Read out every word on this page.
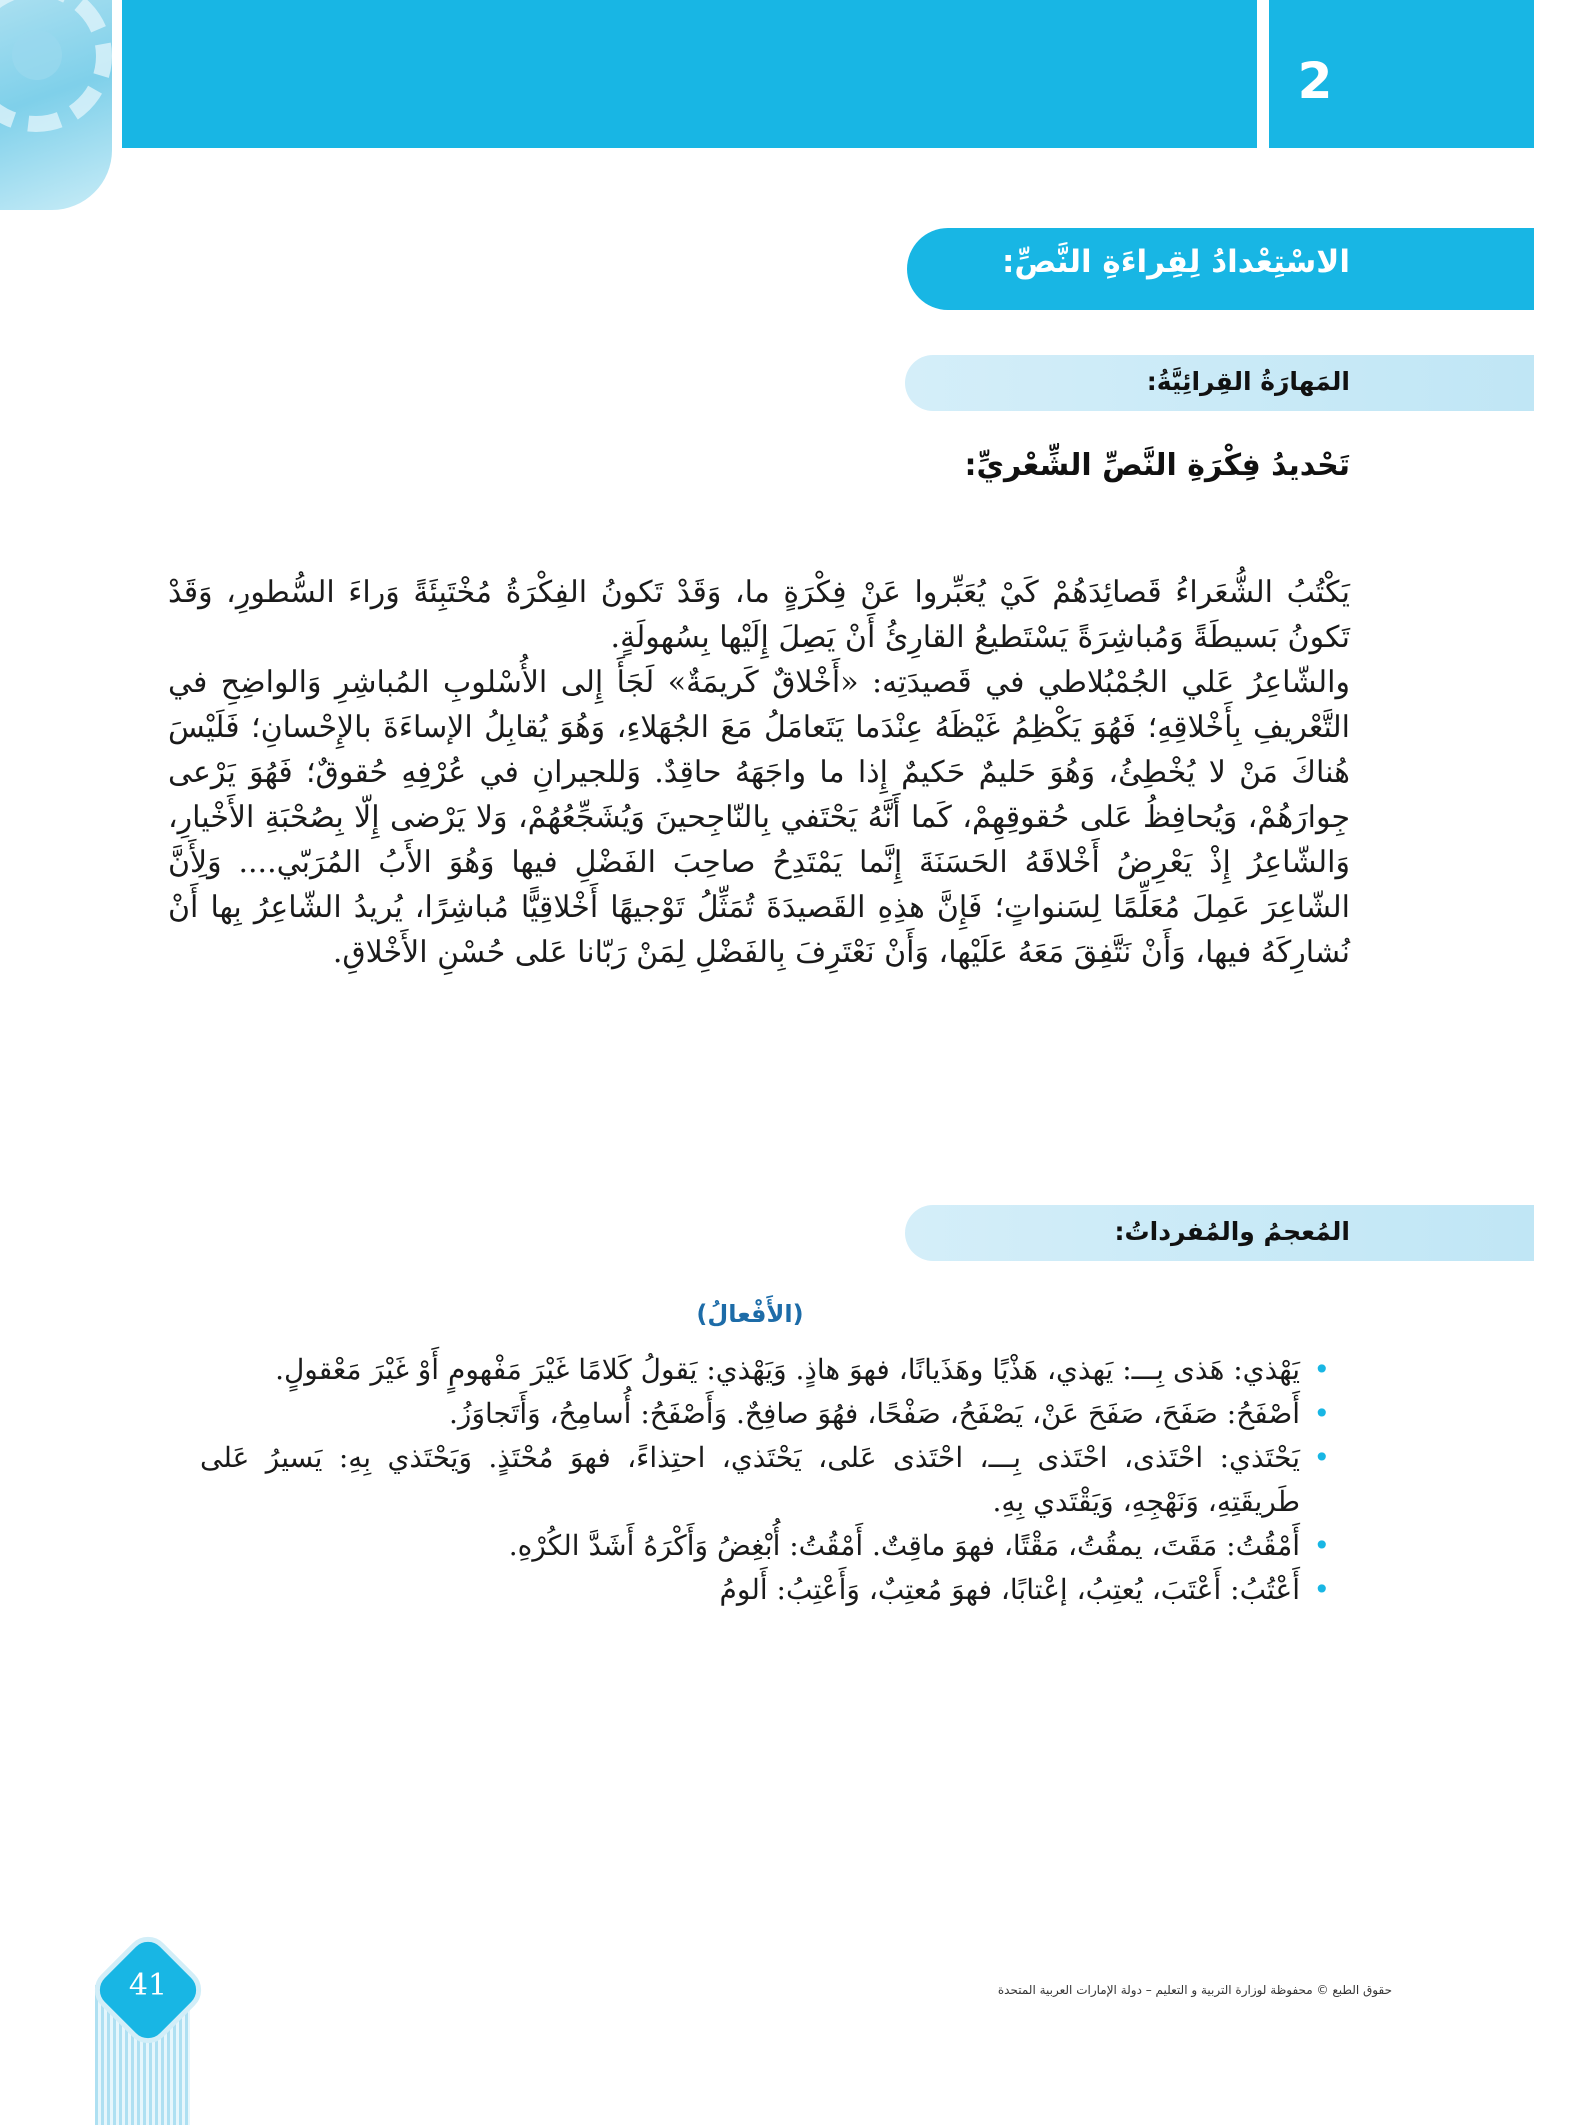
2
الاسْتِعْدادُ لِقِراءَةِ النَّصِّ:
المَهارَةُ القِرائِيَّةُ:
تَحْديدُ فِكْرَةِ النَّصِّ الشِّعْريِّ:

يَكْتُبُ الشُّعَراءُ قَصائِدَهُمْ كَيْ يُعَبِّروا عَنْ فِكْرَةٍ ما، وَقَدْ تَكونُ الفِكْرَةُ مُخْتَبِئَةً وَراءَ السُّطورِ، وَقَدْ تَكونُ بَسيطَةً وَمُباشِرَةً يَسْتَطيعُ القارِئُ أَنْ يَصِلَ إِلَيْها بِسُهولَةٍ.

والشّاعِرُ عَلي الجُمْبُلاطي في قَصيدَتِه: «أَخْلاقٌ كَريمَةٌ» لَجَأَ إِلى الأُسْلوبِ المُباشِرِ وَالواضِحِ في التَّعْريفِ بِأَخْلاقِهِ؛ فَهُوَ يَكْظِمُ غَيْظَهُ عِنْدَما يَتَعامَلُ مَعَ الجُهَلاءِ، وَهُوَ يُقابِلُ الإساءَةَ بالإِحْسانِ؛ فَلَيْسَ هُناكَ مَنْ لا يُخْطِئُ، وَهُوَ حَليمٌ حَكيمٌ إِذا ما واجَهَهُ حاقِدٌ. وَللجيرانِ في عُرْفِهِ حُقوقٌ؛ فَهُوَ يَرْعى جِوارَهُمْ، وَيُحافِظُ عَلى حُقوقِهِمْ، كَما أَنَّهُ يَحْتَفي بِالنّاجِحينَ وَيُشَجِّعُهُمْ، وَلا يَرْضى إِلّا بِصُحْبَةِ الأَخْيارِ، وَالشّاعِرُ إِذْ يَعْرِضُ أَخْلاقَهُ الحَسَنَةَ إِنَّما يَمْتَدِحُ صاحِبَ الفَضْلِ فيها وَهُوَ الأَبُ المُرَبّي.... وَلِأَنَّ الشّاعِرَ عَمِلَ مُعَلِّمًا لِسَنواتٍ؛ فَإِنَّ هذِهِ القَصيدَةَ تُمَثِّلُ تَوْجيهًا أَخْلاقِيًّا مُباشِرًا، يُريدُ الشّاعِرُ بِها أَنْ نُشارِكَهُ فيها، وَأَنْ نَتَّفِقَ مَعَهُ عَلَيْها، وَأَنْ نَعْتَرِفَ بِالفَضْلِ لِمَنْ رَبّانا عَلى حُسْنِ الأَخْلاقِ.

المُعجمُ والمُفرداتُ:
(الأَفْعالُ)
•
يَهْذي: هَذى بِـــ: يَهذي، هَذْيًا وهَذَيانًا، فهوَ هاذٍ. وَيَهْذي: يَقولُ كَلامًا غَيْرَ مَفْهومٍ أَوْ غَيْرَ مَعْقولٍ.
•
أَصْفَحُ: صَفَحَ، صَفَحَ عَنْ، يَصْفَحُ، صَفْحًا، فهُوَ صافِحٌ. وَأَصْفَحُ: أُسامِحُ، وَأَتَجاوَزُ.
•
يَحْتَذي: احْتَذى، احْتَذى بِـــ، احْتَذى عَلى، يَحْتَذي، احتِذاءً، فهوَ مُحْتَذٍ. وَيَحْتَذي بِهِ: يَسيرُ عَلى طَريقَتِهِ، وَنَهْجِهِ، وَيَقْتَدي بِهِ.
•
أَمْقُتُ: مَقَتَ، يمقُتُ، مَقْتًا، فهوَ ماقِتٌ. أَمْقُتُ: أُبْغِضُ وَأَكْرَهُ أَشَدَّ الكُرْهِ.
•
أَعْتُبُ: أَعْتَبَ، يُعتِبُ، إعْتابًا، فهوَ مُعتِبٌ، وَأَعْتِبُ: أَلومُ
41	حقوق الطبع © محفوظة لوزارة التربية و التعليم – دولة الإمارات العربية المتحدة
